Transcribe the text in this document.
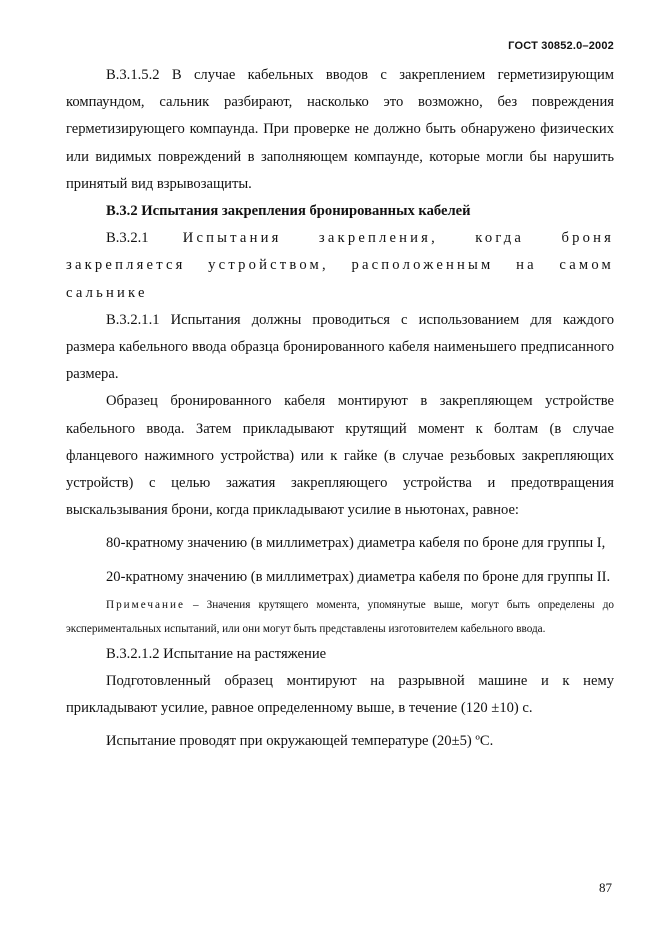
ГОСТ 30852.0–2002

В.3.1.5.2 В случае кабельных вводов с закреплением герметизирующим компаундом, сальник разбирают, насколько это возможно, без повреждения герметизирующего компаунда. При проверке не должно быть обнаружено физических или видимых повреждений в заполняющем компаунде, которые могли бы нарушить принятый вид взрывозащиты.

В.3.2 Испытания закрепления бронированных кабелей

В.3.2.1 Испытания закрепления, когда броня закрепляется устройством, расположенным на самом сальнике

В.3.2.1.1 Испытания должны проводиться с использованием для каждого размера кабельного ввода образца бронированного кабеля наименьшего предписанного размера.

Образец бронированного кабеля монтируют в закрепляющем устройстве кабельного ввода. Затем прикладывают крутящий момент к болтам (в случае фланцевого нажимного устройства) или к гайке (в случае резьбовых закрепляющих устройств) с целью зажатия закрепляющего устройства и предотвращения выскальзывания брони, когда прикладывают усилие в ньютонах, равное:

80-кратному значению (в миллиметрах) диаметра кабеля по броне для группы I,

20-кратному значению (в миллиметрах) диаметра кабеля по броне для группы II.

Примечание – Значения крутящего момента, упомянутые выше, могут быть определены до экспериментальных испытаний, или они могут быть представлены изготовителем кабельного ввода.

В.3.2.1.2 Испытание на растяжение

Подготовленный образец монтируют на разрывной машине и к нему прикладывают усилие, равное определенному выше, в течение (120 ±10) с.

Испытание проводят при окружающей температуре (20±5) ºС.

87
